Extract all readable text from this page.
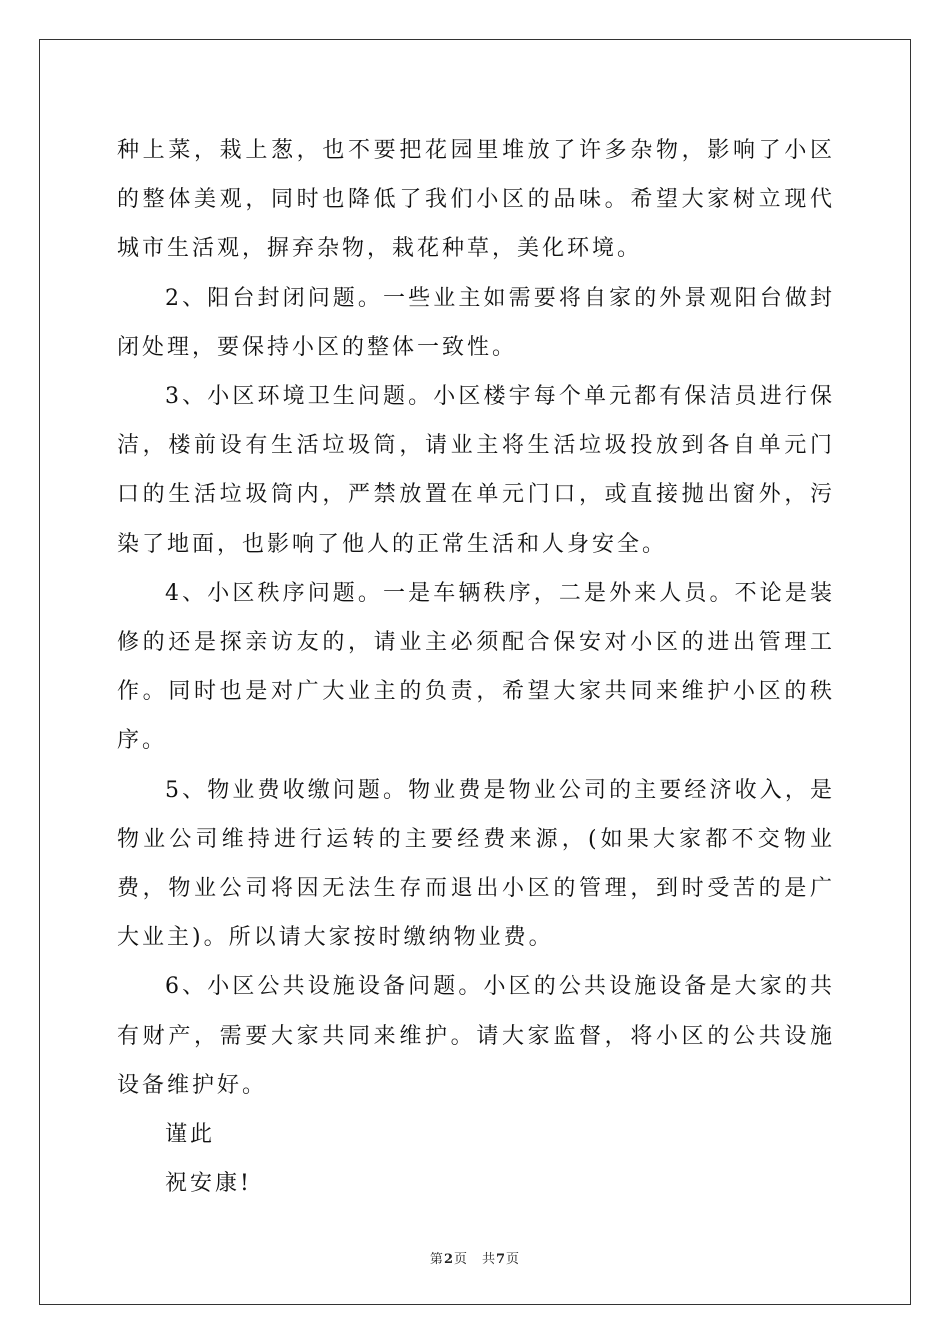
种上菜，栽上葱，也不要把花园里堆放了许多杂物，影响了小区的整体美观，同时也降低了我们小区的品味。希望大家树立现代城市生活观，摒弃杂物，栽花种草，美化环境。

2、阳台封闭问题。一些业主如需要将自家的外景观阳台做封闭处理，要保持小区的整体一致性。

3、小区环境卫生问题。小区楼宇每个单元都有保洁员进行保洁，楼前设有生活垃圾筒，请业主将生活垃圾投放到各自单元门口的生活垃圾筒内，严禁放置在单元门口，或直接抛出窗外，污染了地面，也影响了他人的正常生活和人身安全。

4、小区秩序问题。一是车辆秩序，二是外来人员。不论是装修的还是探亲访友的，请业主必须配合保安对小区的进出管理工作。同时也是对广大业主的负责，希望大家共同来维护小区的秩序。

5、物业费收缴问题。物业费是物业公司的主要经济收入，是物业公司维持进行运转的主要经费来源，(如果大家都不交物业费，物业公司将因无法生存而退出小区的管理，到时受苦的是广大业主)。所以请大家按时缴纳物业费。

6、小区公共设施设备问题。小区的公共设施设备是大家的共有财产，需要大家共同来维护。请大家监督，将小区的公共设施设备维护好。

谨此

祝安康!

第2页　共7页
